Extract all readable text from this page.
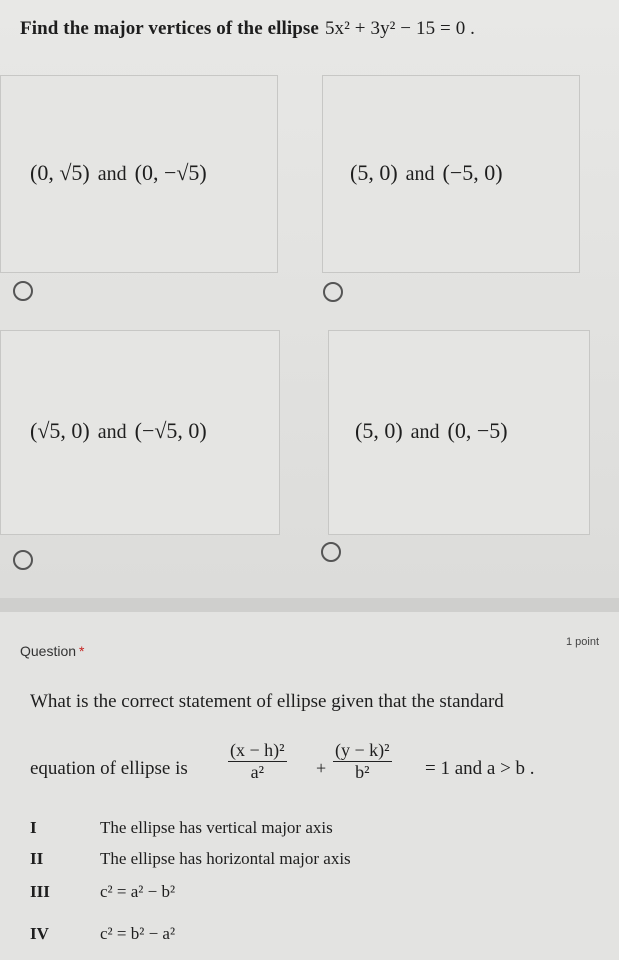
Find the major vertices of the ellipse 5x² + 3y² − 15 = 0 .
(0, √5) and (0, −√5)	(5, 0) and (−5, 0)
(√5, 0) and (−√5, 0)	(5, 0) and (0, −5)
Question *
1 point
What is the correct statement of ellipse given that the standard
equation of ellipse is $\frac{\text{(x − h)²}}{\text{a²}} + \frac{\text{(y − k)²}}{\text{b²}} = 1$ and a > b .
I	The ellipse has vertical major axis
II	The ellipse has horizontal major axis
III	c² = a² − b²
IV	c² = b² − a²
